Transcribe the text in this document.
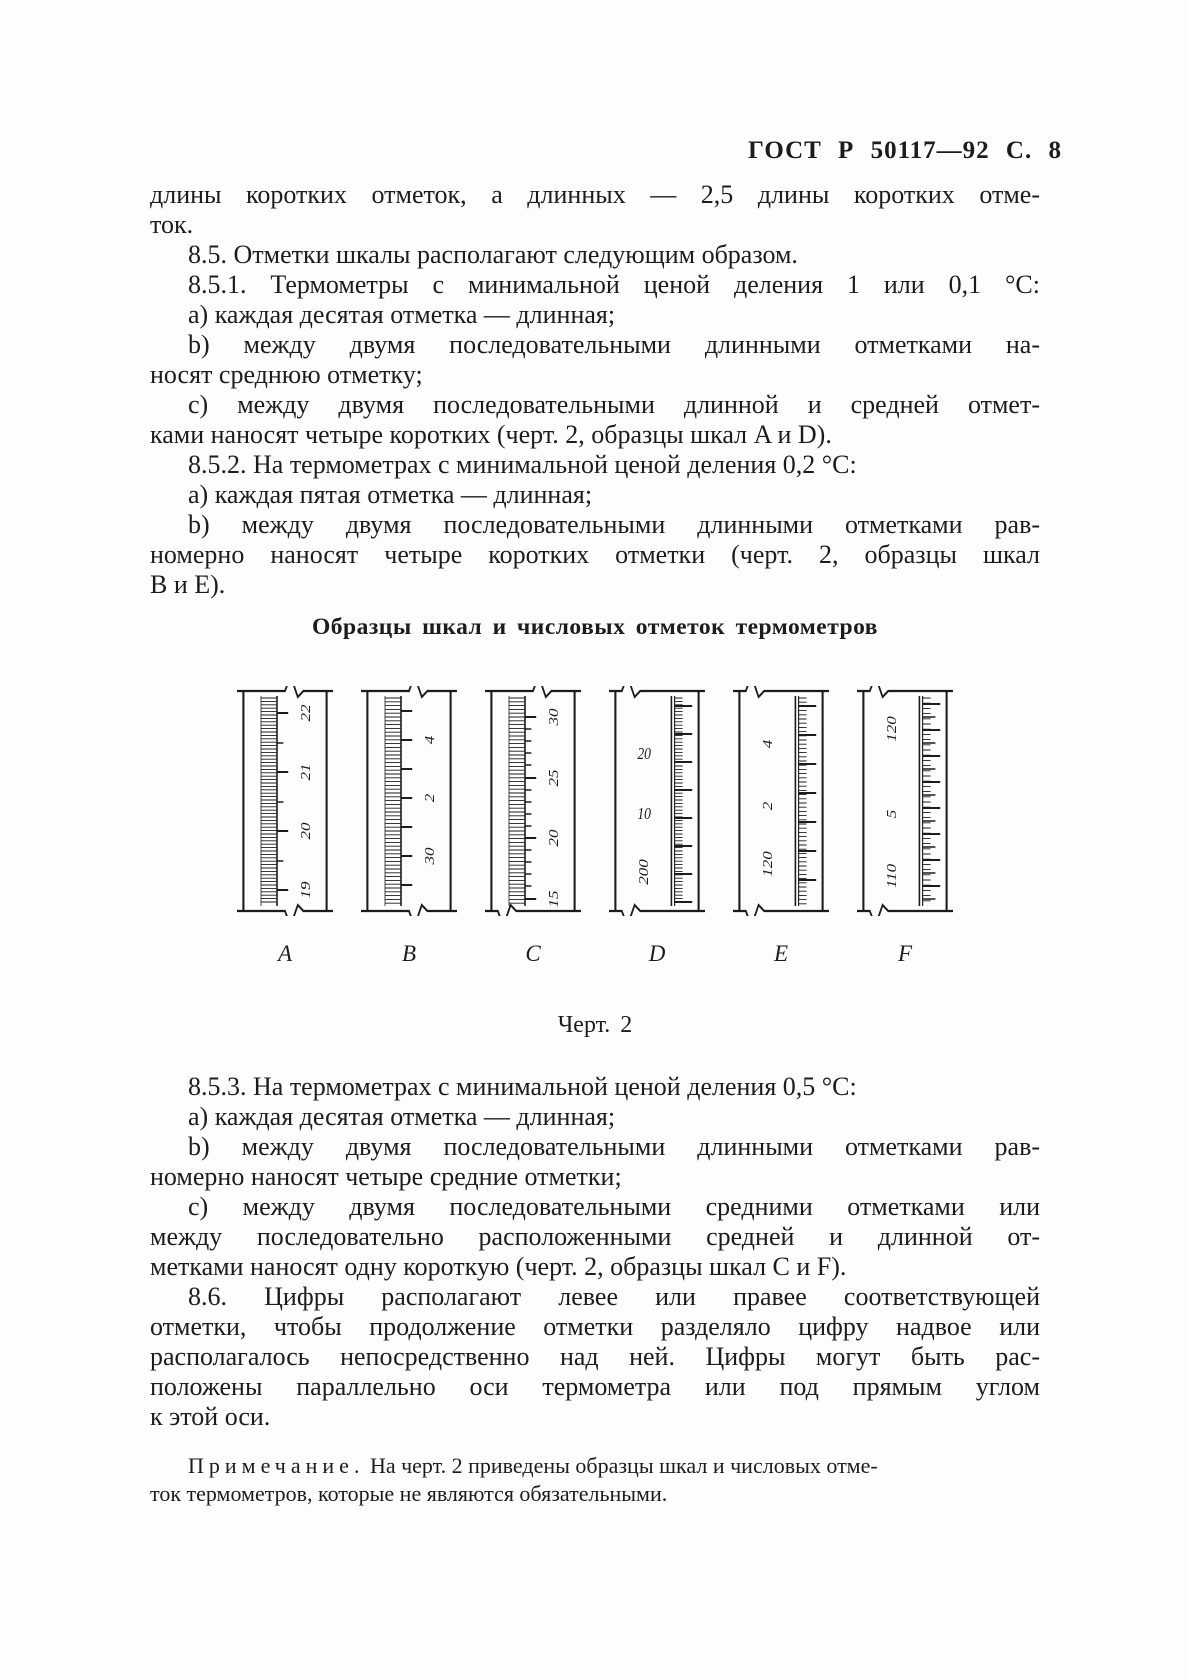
ГОСТ Р 50117—92 С. 8
длины коротких отметок, а длинных — 2,5 длины коротких отме-
ток.
8.5. Отметки шкалы располагают следующим образом.
8.5.1. Термометры с минимальной ценой деления 1 или 0,1 °С:
a) каждая десятая отметка — длинная;
b) между двумя последовательными длинными отметками на-
носят среднюю отметку;
c) между двумя последовательными длинной и средней отмет-
ками наносят четыре коротких (черт. 2, образцы шкал A и D).
8.5.2. На термометрах с минимальной ценой деления 0,2 °С:
a) каждая пятая отметка — длинная;
b) между двумя последовательными длинными отметками рав-
номерно наносят четыре коротких отметки (черт. 2, образцы шкал
В и E).
Образцы шкал и числовых отметок термометров
22
21
20
19
A
4
2
30
B
30
25
20
15
C
20
10
200
D
4
2
120
E
120
5
110
F
Черт. 2
8.5.3. На термометрах с минимальной ценой деления 0,5 °С:
a) каждая десятая отметка — длинная;
b) между двумя последовательными длинными отметками рав-
номерно наносят четыре средние отметки;
c) между двумя последовательными средними отметками или
между последовательно расположенными средней и длинной от-
метками наносят одну короткую (черт. 2, образцы шкал C и F).
8.6. Цифры располагают левее или правее соответствующей
отметки, чтобы продолжение отметки разделяло цифру надвое или
располагалось непосредственно над ней. Цифры могут быть рас-
положены параллельно оси термометра или под прямым углом
к этой оси.
Примечание. На черт. 2 приведены образцы шкал и числовых отме-
ток термометров, которые не являются обязательными.
